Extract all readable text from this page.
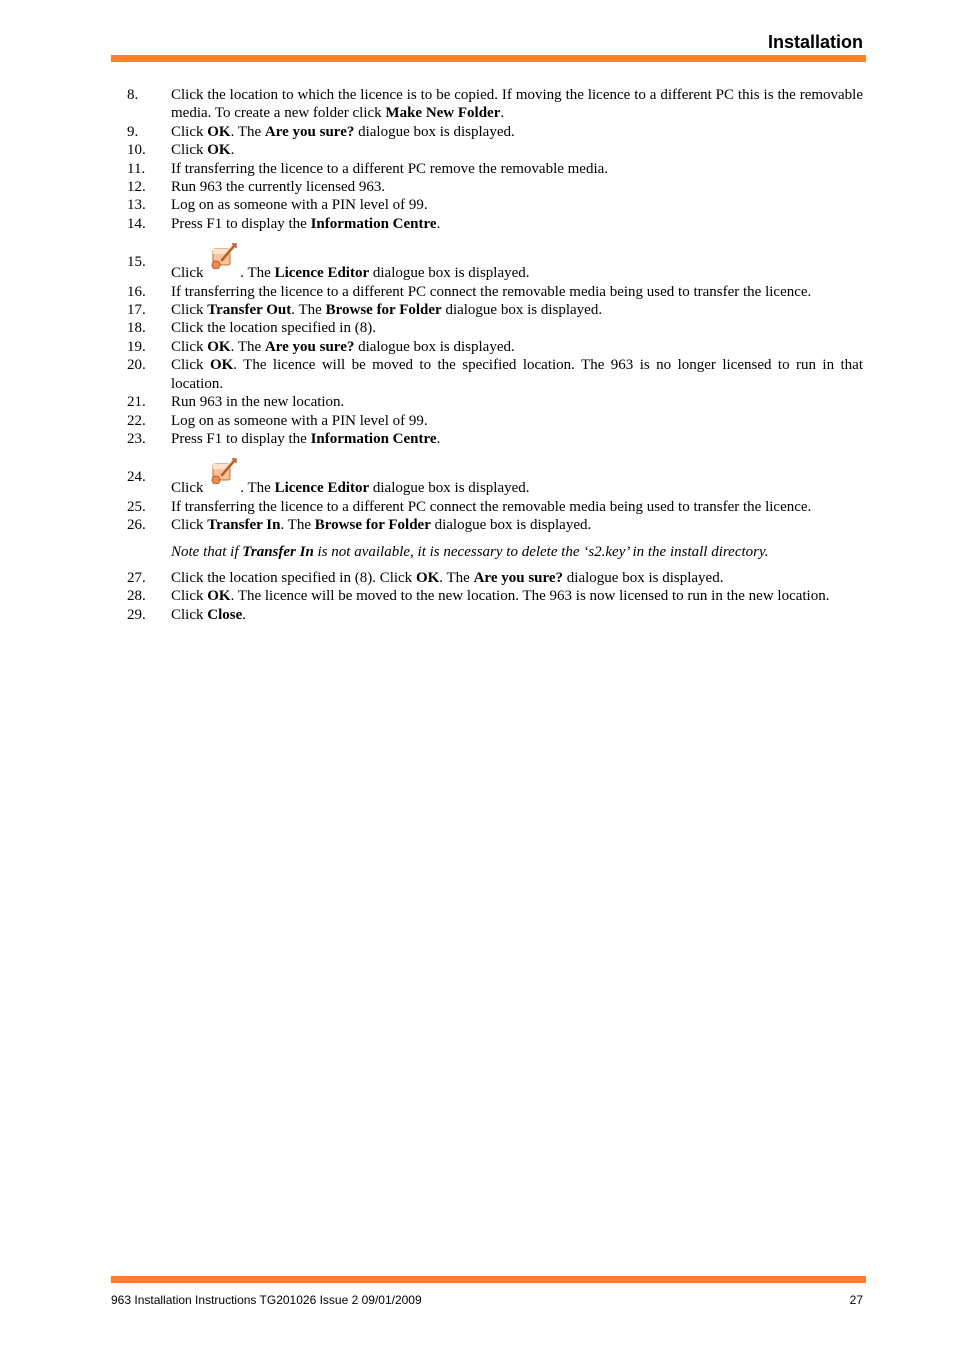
Installation
8.	Click the location to which the licence is to be copied. If moving the licence to a different PC this is the removable media. To create a new folder click Make New Folder.
9.	Click OK. The Are you sure? dialogue box is displayed.
10.	Click OK.
11.	If transferring the licence to a different PC remove the removable media.
12.	Run 963 the currently licensed 963.
13.	Log on as someone with a PIN level of 99.
14.	Press F1 to display the Information Centre.
15.
Click
. The Licence Editor dialogue box is displayed.
16.	If transferring the licence to a different PC connect the removable media being used to transfer the licence.
17.	Click Transfer Out. The Browse for Folder dialogue box is displayed.
18.	Click the location specified in (8).
19.	Click OK. The Are you sure? dialogue box is displayed.
20.	Click OK. The licence will be moved to the specified location. The 963 is no longer licensed to run in that location.
21.	Run 963 in the new location.
22.	Log on as someone with a PIN level of 99.
23.	Press F1 to display the Information Centre.
24.
Click
. The Licence Editor dialogue box is displayed.
25.	If transferring the licence to a different PC connect the removable media being used to transfer the licence.
26.	Click Transfer In. The Browse for Folder dialogue box is displayed.
Note that if Transfer In is not available, it is necessary to delete the ‘s2.key’ in the install directory.
27.	Click the location specified in (8). Click OK. The Are you sure? dialogue box is displayed.
28.	Click OK. The licence will be moved to the new location. The 963 is now licensed to run in the new location.
29.	Click Close.
963 Installation Instructions TG201026 Issue 2 09/01/2009	27
